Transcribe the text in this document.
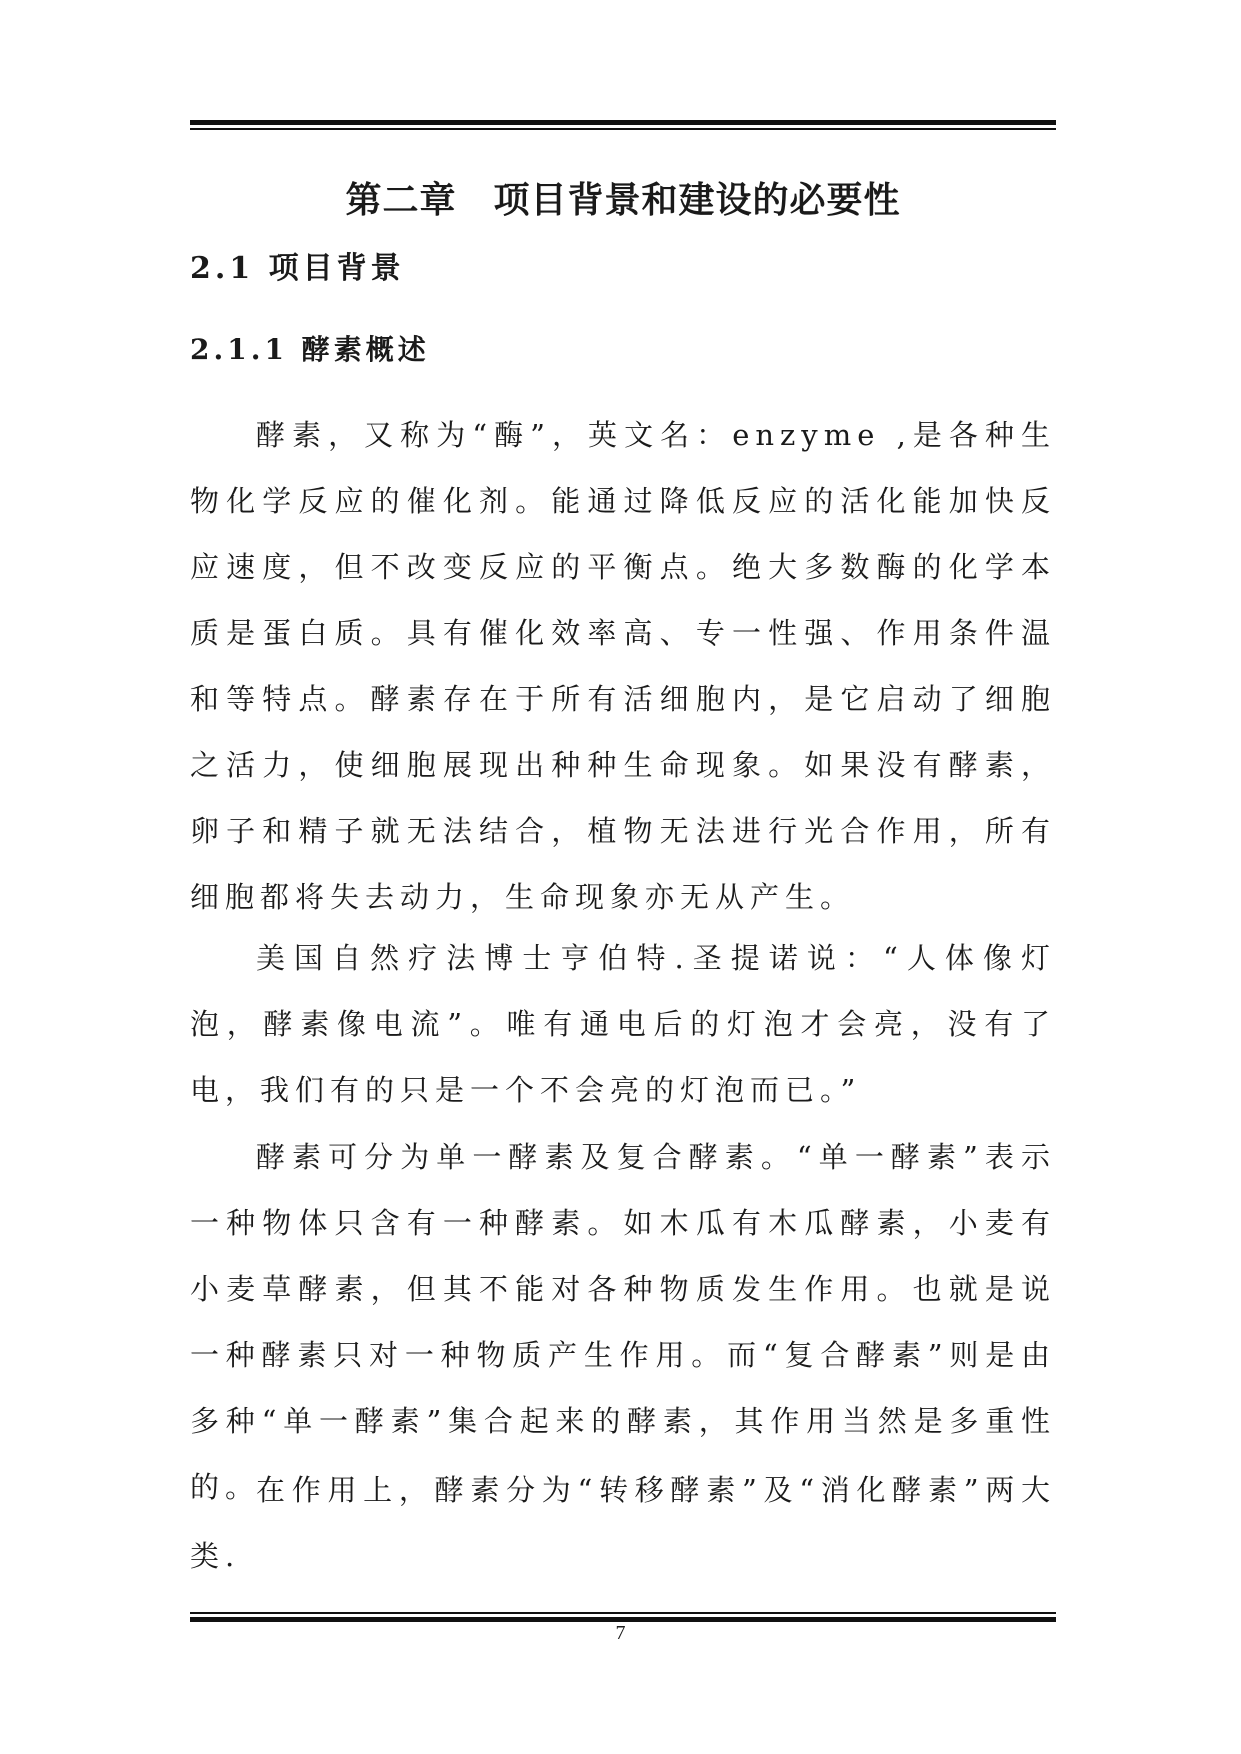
第二章　项目背景和建设的必要性
2.1 项目背景
2.1.1 酵素概述

酵素，又称为“酶”，英文名：enzyme ,是各种生物化学反应的催化剂。能通过降低反应的活化能加快反应速度，但不改变反应的平衡点。绝大多数酶的化学本质是蛋白质。具有催化效率高、专一性强、作用条件温和等特点。酵素存在于所有活细胞内，是它启动了细胞之活力，使细胞展现出种种生命现象。如果没有酵素，卵子和精子就无法结合，植物无法进行光合作用，所有细胞都将失去动力，生命现象亦无从产生。

美国自然疗法博士亨伯特.圣提诺说：“人体像灯泡，酵素像电流”。唯有通电后的灯泡才会亮，没有了电，我们有的只是一个不会亮的灯泡而已。”

酵素可分为单一酵素及复合酵素。“单一酵素”表示一种物体只含有一种酵素。如木瓜有木瓜酵素，小麦有小麦草酵素，但其不能对各种物质发生作用。也就是说一种酵素只对一种物质产生作用。而“复合酵素”则是由多种“单一酵素”集合起来的酵素，其作用当然是多重性的。

在作用上，酵素分为“转移酵素”及“消化酵素”两大类.

7
